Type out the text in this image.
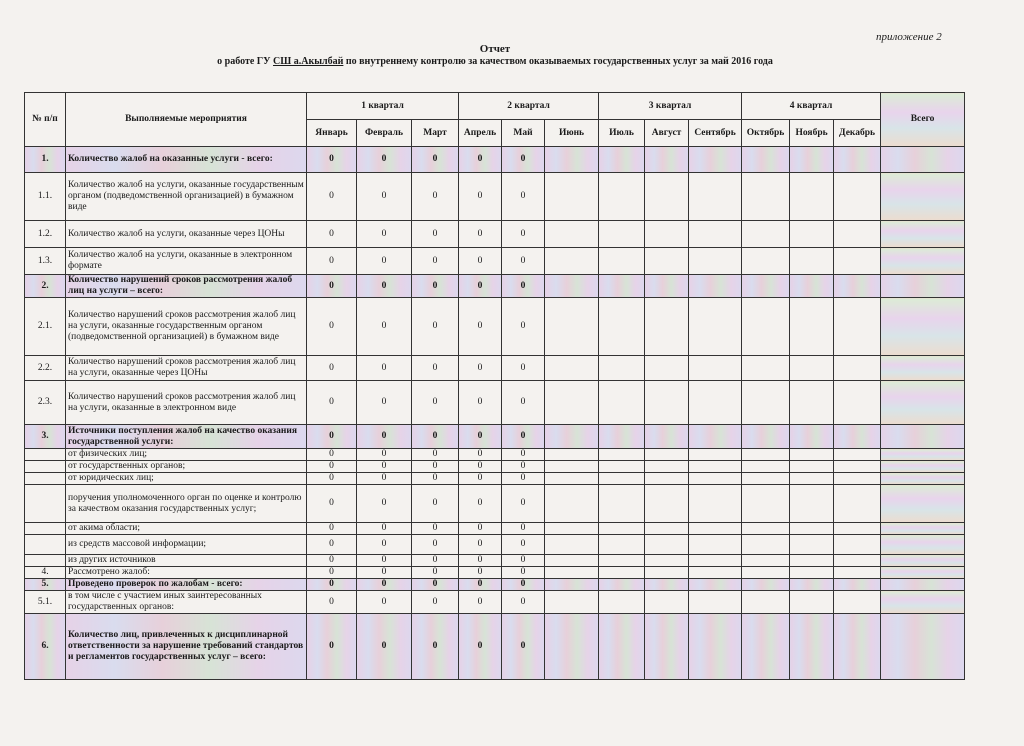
приложение 2
Отчет
о работе ГУ СШ а.Акылбай по внутреннему контролю за качеством оказываемых государственных услуг за май 2016 года
№ п/п	Выполняемые мероприятия	1 квартал			2 квартал			3 квартал			4 квартал			Всего
		Январь	Февраль	Март	Апрель	Май	Июнь	Июль	Август	Сентябрь	Октябрь	Ноябрь	Декабрь	
1.	Количество жалоб на оказанные услуги - всего:	0	0	0	0	0								
1.1.	Количество жалоб на услуги, оказанные государственным органом (подведомственной организацией) в бумажном виде	0	0	0	0	0								
1.2.	Количество жалоб на услуги, оказанные через ЦОНы	0	0	0	0	0								
1.3.	Количество жалоб на услуги, оказанные в электронном формате	0	0	0	0	0								
2.	Количество нарушений сроков рассмотрения жалоб лиц на услуги – всего:	0	0	0	0	0								
2.1.	Количество нарушений сроков рассмотрения жалоб лиц на услуги, оказанные государственным органом (подведомственной организацией) в бумажном виде	0	0	0	0	0								
2.2.	Количество нарушений сроков рассмотрения жалоб лиц на услуги, оказанные через ЦОНы	0	0	0	0	0								
2.3.	Количество нарушений сроков рассмотрения жалоб лиц на услуги, оказанные в электронном виде	0	0	0	0	0								
3.	Источники поступления жалоб на качество оказания государственной услуги:	0	0	0	0	0								
	от физических лиц;	0	0	0	0	0								
	от государственных органов;	0	0	0	0	0								
	от юридических лиц;	0	0	0	0	0								
	поручения уполномоченного орган по оценке и контролю за качеством оказания государственных услуг;	0	0	0	0	0								
	от акима области;	0	0	0	0	0								
	из средств массовой информации;	0	0	0	0	0								
	из других источников	0	0	0	0	0								
4.	Рассмотрено жалоб:	0	0	0	0	0								
5.	Проведено проверок по жалобам - всего:	0	0	0	0	0								
5.1.	в том числе с участием иных заинтересованных государственных органов:	0	0	0	0	0								
6.	Количество лиц, привлеченных к дисциплинарной ответственности за нарушение требований стандартов и регламентов государственных услуг – всего:	0	0	0	0	0								
